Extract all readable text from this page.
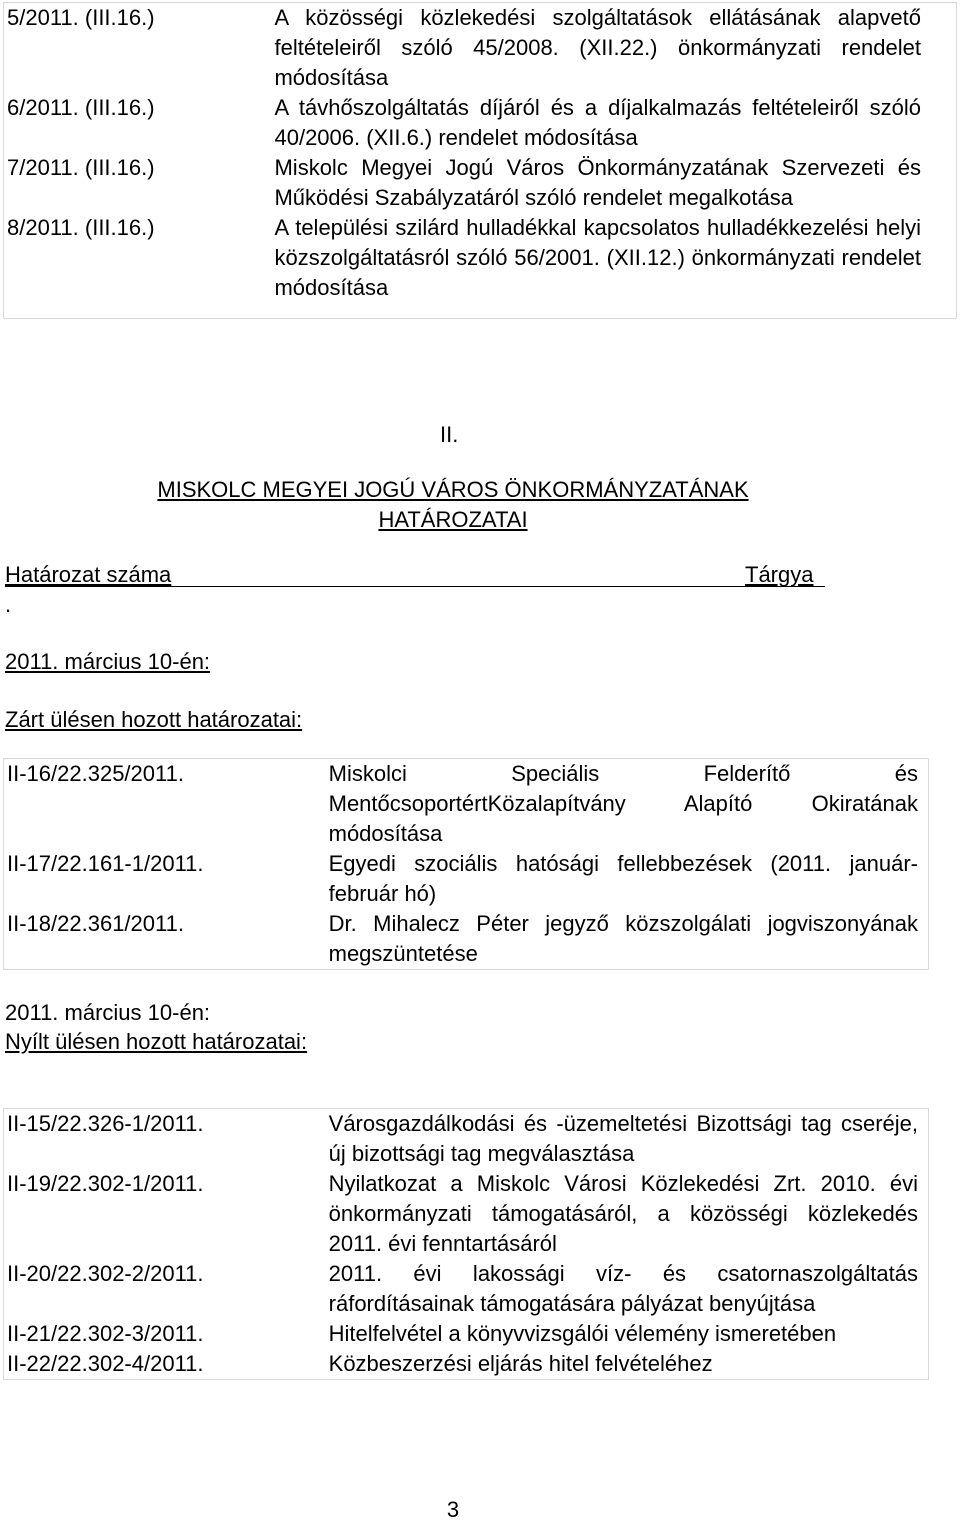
5/2011. (III.16.)	A közösségi közlekedési szolgáltatások ellátásának alapvető feltételeiről szóló 45/2008. (XII.22.) önkormányzati rendelet módosítása
6/2011. (III.16.)	A távhőszolgáltatás díjáról és a díjalkalmazás feltételeiről szóló 40/2006. (XII.6.) rendelet módosítása
7/2011. (III.16.)	Miskolc Megyei Jogú Város Önkormányzatának Szervezeti és Működési Szabályzatáról szóló rendelet megalkotása
8/2011. (III.16.)	A települési szilárd hulladékkal kapcsolatos hulladékkezelési helyi közszolgáltatásról szóló 56/2001. (XII.12.) önkormányzati rendelet módosítása
II.
MISKOLC MEGYEI JOGÚ VÁROS ÖNKORMÁNYZATÁNAK
HATÁROZATAI
Határozat száma	Tárgya
.
2011. március 10-én:
Zárt ülésen hozott határozatai:
II-16/22.325/2011.	Miskolci Speciális Felderítő és MentőcsoportértKözalapítvány Alapító Okiratának módosítása
II-17/22.161-1/2011.	Egyedi szociális hatósági fellebbezések (2011. január-február hó)
II-18/22.361/2011.	Dr. Mihalecz Péter jegyző közszolgálati jogviszonyának megszüntetése
2011. március 10-én:
Nyílt ülésen hozott határozatai:
II-15/22.326-1/2011.	Városgazdálkodási és -üzemeltetési Bizottsági tag cseréje, új bizottsági tag megválasztása
II-19/22.302-1/2011.	Nyilatkozat a Miskolc Városi Közlekedési Zrt. 2010. évi önkormányzati támogatásáról, a közösségi közlekedés 2011. évi fenntartásáról
II-20/22.302-2/2011.	2011. évi lakossági víz- és csatornaszolgáltatás ráfordításainak támogatására pályázat benyújtása
II-21/22.302-3/2011.	Hitelfelvétel a könyvvizsgálói vélemény ismeretében
II-22/22.302-4/2011.	Közbeszerzési eljárás hitel felvételéhez
3
